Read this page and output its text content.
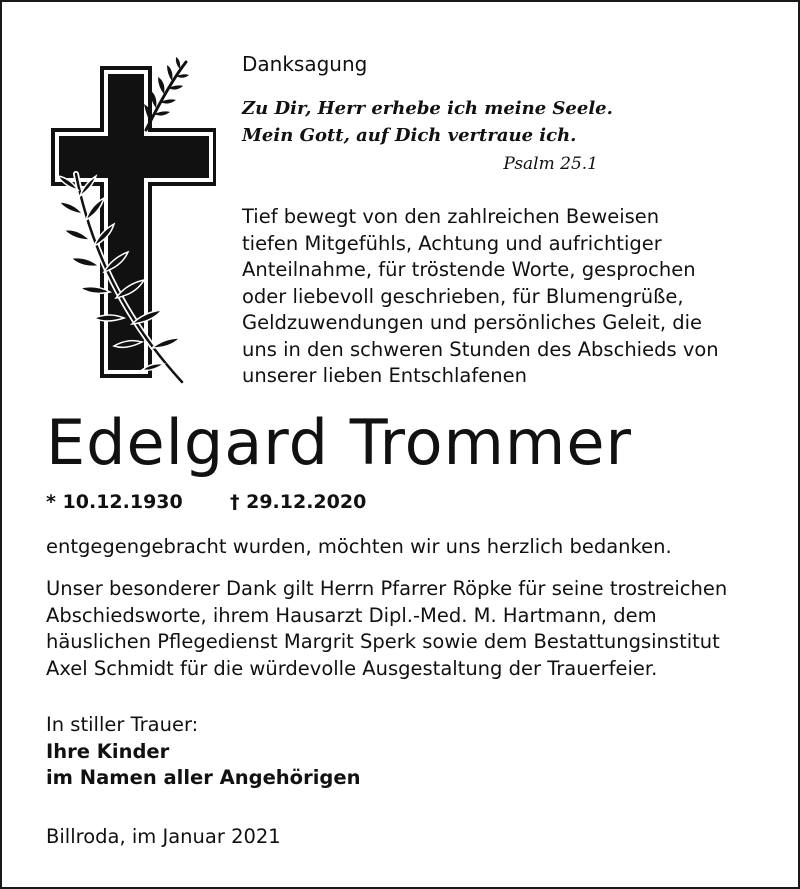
Danksagung
Zu Dir, Herr erhebe ich meine Seele.
Mein Gott, auf Dich vertraue ich.
Psalm 25.1
Tief bewegt von den zahlreichen Beweisen
tiefen Mitgefühls, Achtung und aufrichtiger
Anteilnahme, für tröstende Worte, gesprochen
oder liebevoll geschrieben, für Blumengrüße,
Geldzuwendungen und persönliches Geleit, die
uns in den schweren Stunden des Abschieds von
unserer lieben Entschlafenen
Edelgard Trommer
* 10.12.1930 † 29.12.2020
entgegengebracht wurden, möchten wir uns herzlich bedanken.
Unser besonderer Dank gilt Herrn Pfarrer Röpke für seine trostreichen
Abschiedsworte, ihrem Hausarzt Dipl.-Med. M. Hartmann, dem
häuslichen Pflegedienst Margrit Sperk sowie dem Bestattungsinstitut
Axel Schmidt für die würdevolle Ausgestaltung der Trauerfeier.
In stiller Trauer:
Ihre Kinder
im Namen aller Angehörigen
Billroda, im Januar 2021
